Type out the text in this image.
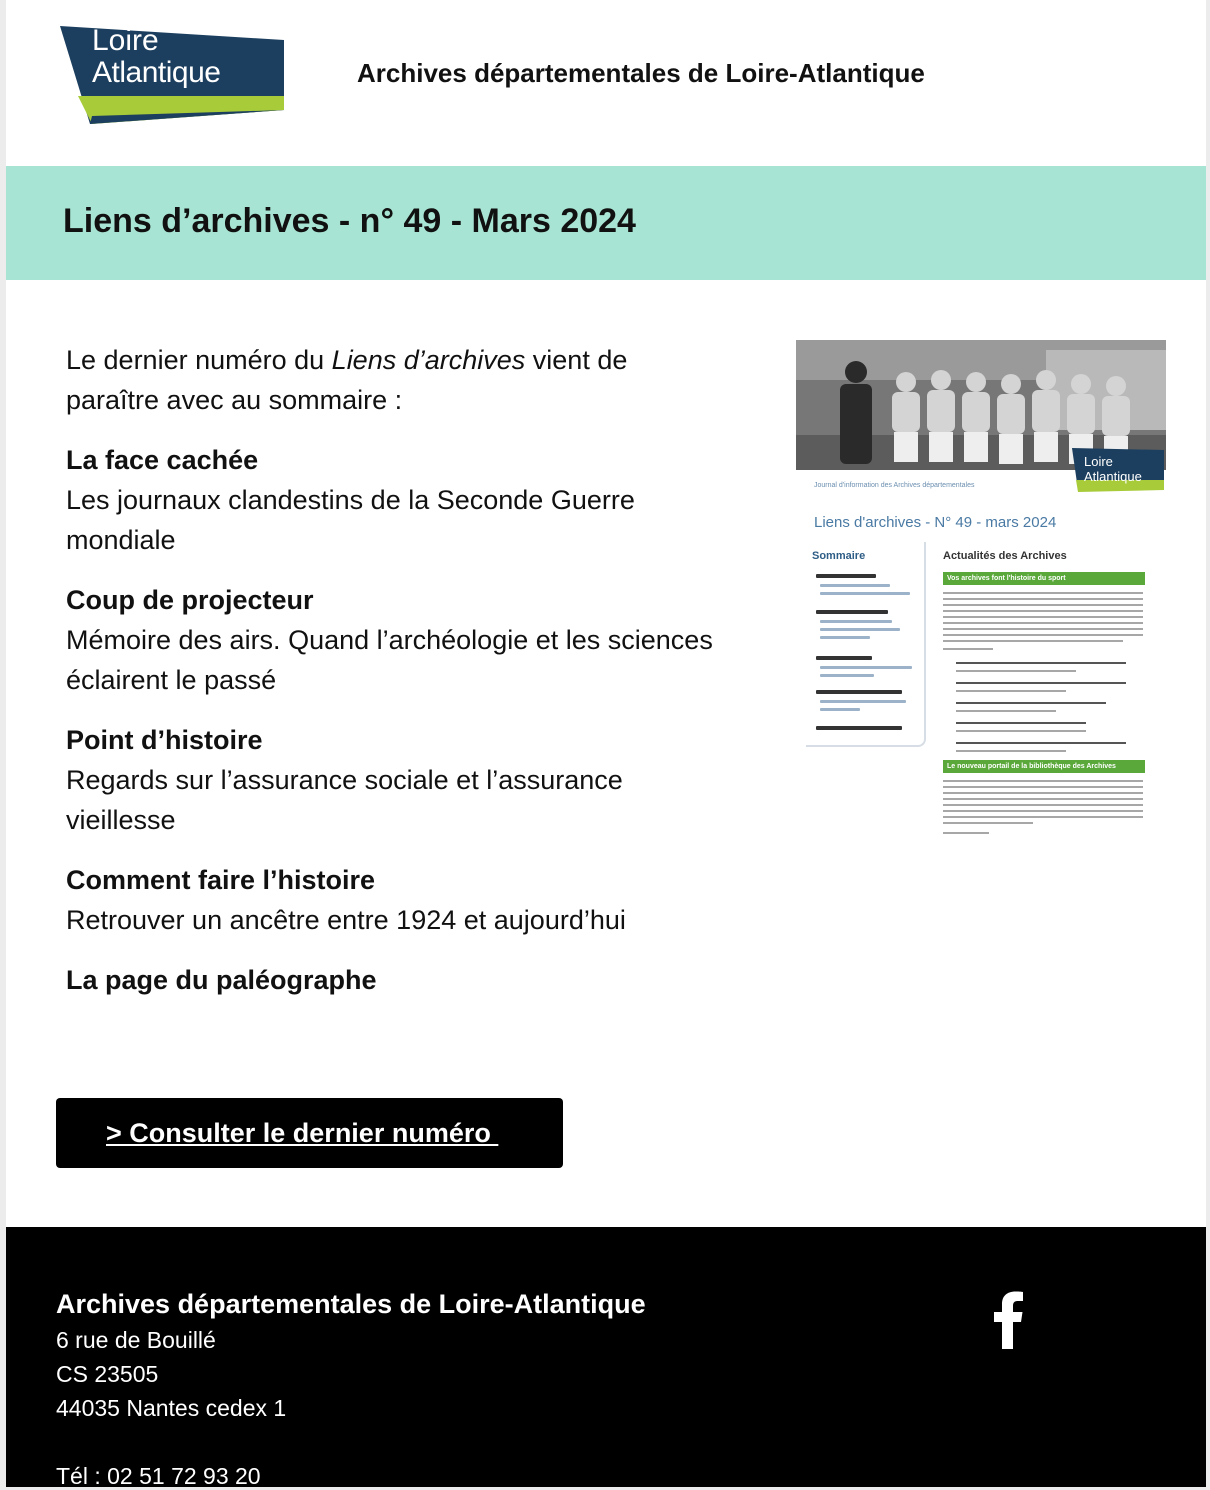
Loire
Atlantique	Archives départementales de Loire-Atlantique
Liens d’archives - n° 49 - Mars 2024

Le dernier numéro du Liens d’archives vient de paraître avec au sommaire :

La face cachée
Les journaux clandestins de la Seconde Guerre mondiale
Coup de projecteur
Mémoire des airs. Quand l’archéologie et les sciences éclairent le passé
Point d’histoire
Regards sur l’assurance sociale et l’assurance vieillesse
Comment faire l’histoire
Retrouver un ancêtre entre 1924 et aujourd’hui
La page du paléographe
Loire
Atlantique
Journal d'information des Archives départementales
Liens d'archives - N° 49 - mars 2024
Sommaire	Actualités des Archives
Vos archives font l'histoire du sport
Le nouveau portail de la bibliothèque des Archives
> Consulter le dernier numéro
Archives départementales de Loire-Atlantique
6 rue de Bouillé
CS 23505
44035 Nantes cedex 1
Tél : 02 51 72 93 20
